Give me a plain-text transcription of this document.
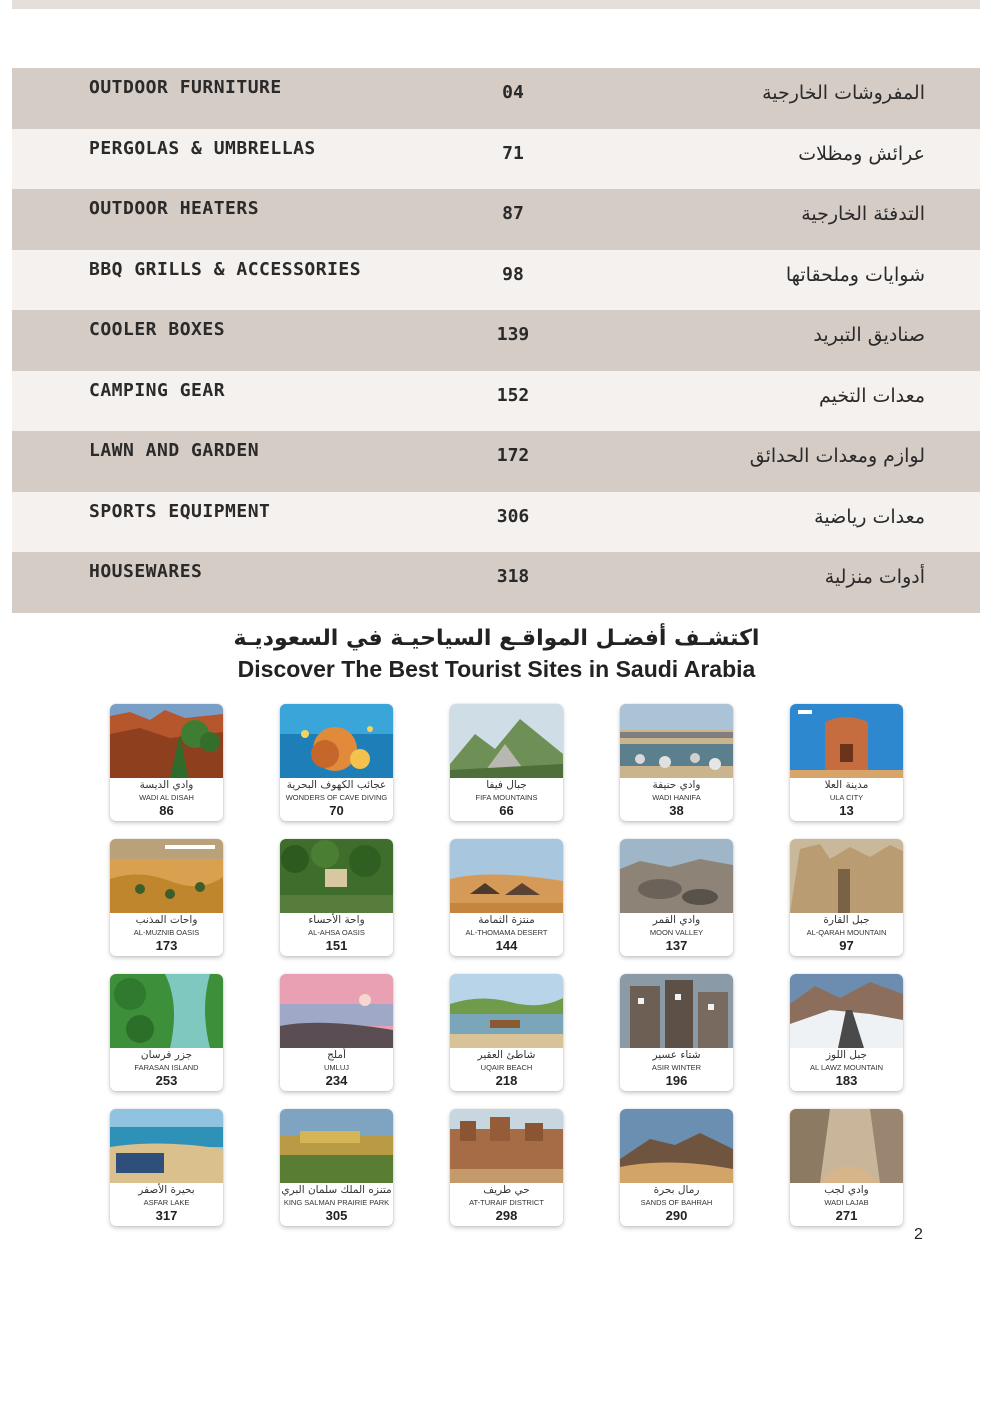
OUTDOOR FURNITURE	04	المفروشات الخارجية
PERGOLAS & UMBRELLAS	71	عرائش ومظلات
OUTDOOR HEATERS	87	التدفئة الخارجية
BBQ GRILLS & ACCESSORIES	98	شوايات وملحقاتها
COOLER BOXES	139	صناديق التبريد
CAMPING GEAR	152	معدات التخيم
LAWN AND GARDEN	172	لوازم ومعدات الحدائق
SPORTS EQUIPMENT	306	معدات رياضية
HOUSEWARES	318	أدوات منزلية
اكتشـف أفضـل المواقـع السياحيـة في السعوديـة
Discover The Best Tourist Sites in Saudi Arabia
وادي الديسة
WADI AL DISAH
86
عجائب الكهوف البحرية
WONDERS OF CAVE DIVING
70
جبال فيفا
FIFA MOUNTAINS
66
وادي حنيفة
WADI HANIFA
38
مدينة العلا
ULA CITY
13
واحات المذنب
AL-MUZNIB OASIS
173
واحة الأحساء
AL-AHSA OASIS
151
منتزة الثمامة
AL-THOMAMA DESERT
144
وادي القمر
MOON VALLEY
137
جبل القارة
AL-QARAH MOUNTAIN
97
جزر فرسان
FARASAN ISLAND
253
أملج
UMLUJ
234
شاطئ العقير
UQAIR BEACH
218
شتاء عسير
ASIR WINTER
196
جبل اللوز
AL LAWZ MOUNTAIN
183
بحيرة الأصفر
ASFAR LAKE
317
متنزه الملك سلمان البري
KING SALMAN PRAIRIE PARK
305
حي طريف
AT-TURAIF DISTRICT
298
رمال بحرة
SANDS OF BAHRAH
290
وادي لجب
WADI LAJAB
271
2
